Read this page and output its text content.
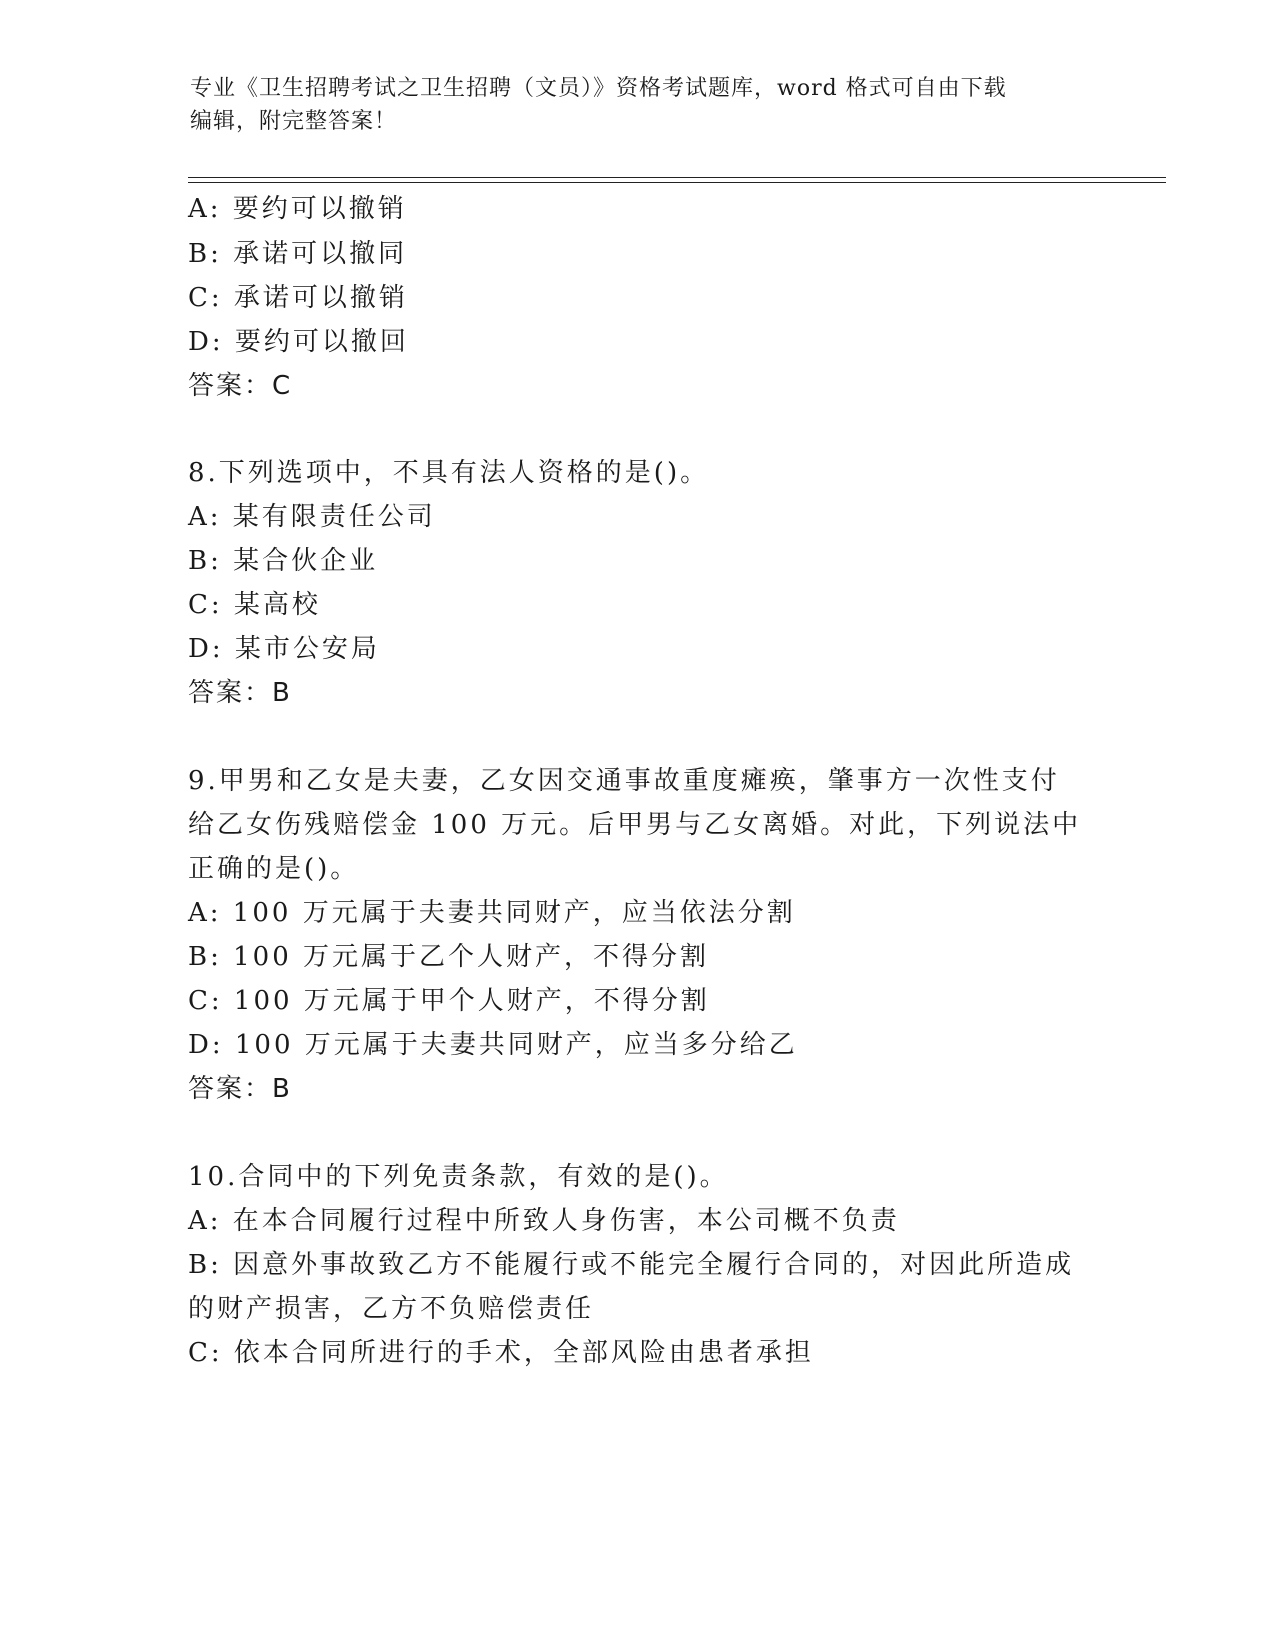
专业《卫生招聘考试之卫生招聘（文员）》资格考试题库，word 格式可自由下载
编辑，附完整答案！
A: 要约可以撤销
B: 承诺可以撤同
C: 承诺可以撤销
D: 要约可以撤回
答案：C
8.下列选项中，不具有法人资格的是()。
A: 某有限责任公司
B: 某合伙企业
C: 某高校
D: 某市公安局
答案：B
9.甲男和乙女是夫妻，乙女因交通事故重度瘫痪，肇事方一次性支付
给乙女伤残赔偿金 100 万元。后甲男与乙女离婚。对此，下列说法中
正确的是()。
A: 100 万元属于夫妻共同财产，应当依法分割
B: 100 万元属于乙个人财产，不得分割
C: 100 万元属于甲个人财产，不得分割
D: 100 万元属于夫妻共同财产，应当多分给乙
答案：B
10.合同中的下列免责条款，有效的是()。
A: 在本合同履行过程中所致人身伤害，本公司概不负责
B: 因意外事故致乙方不能履行或不能完全履行合同的，对因此所造成
的财产损害，乙方不负赔偿责任
C: 依本合同所进行的手术，全部风险由患者承担
